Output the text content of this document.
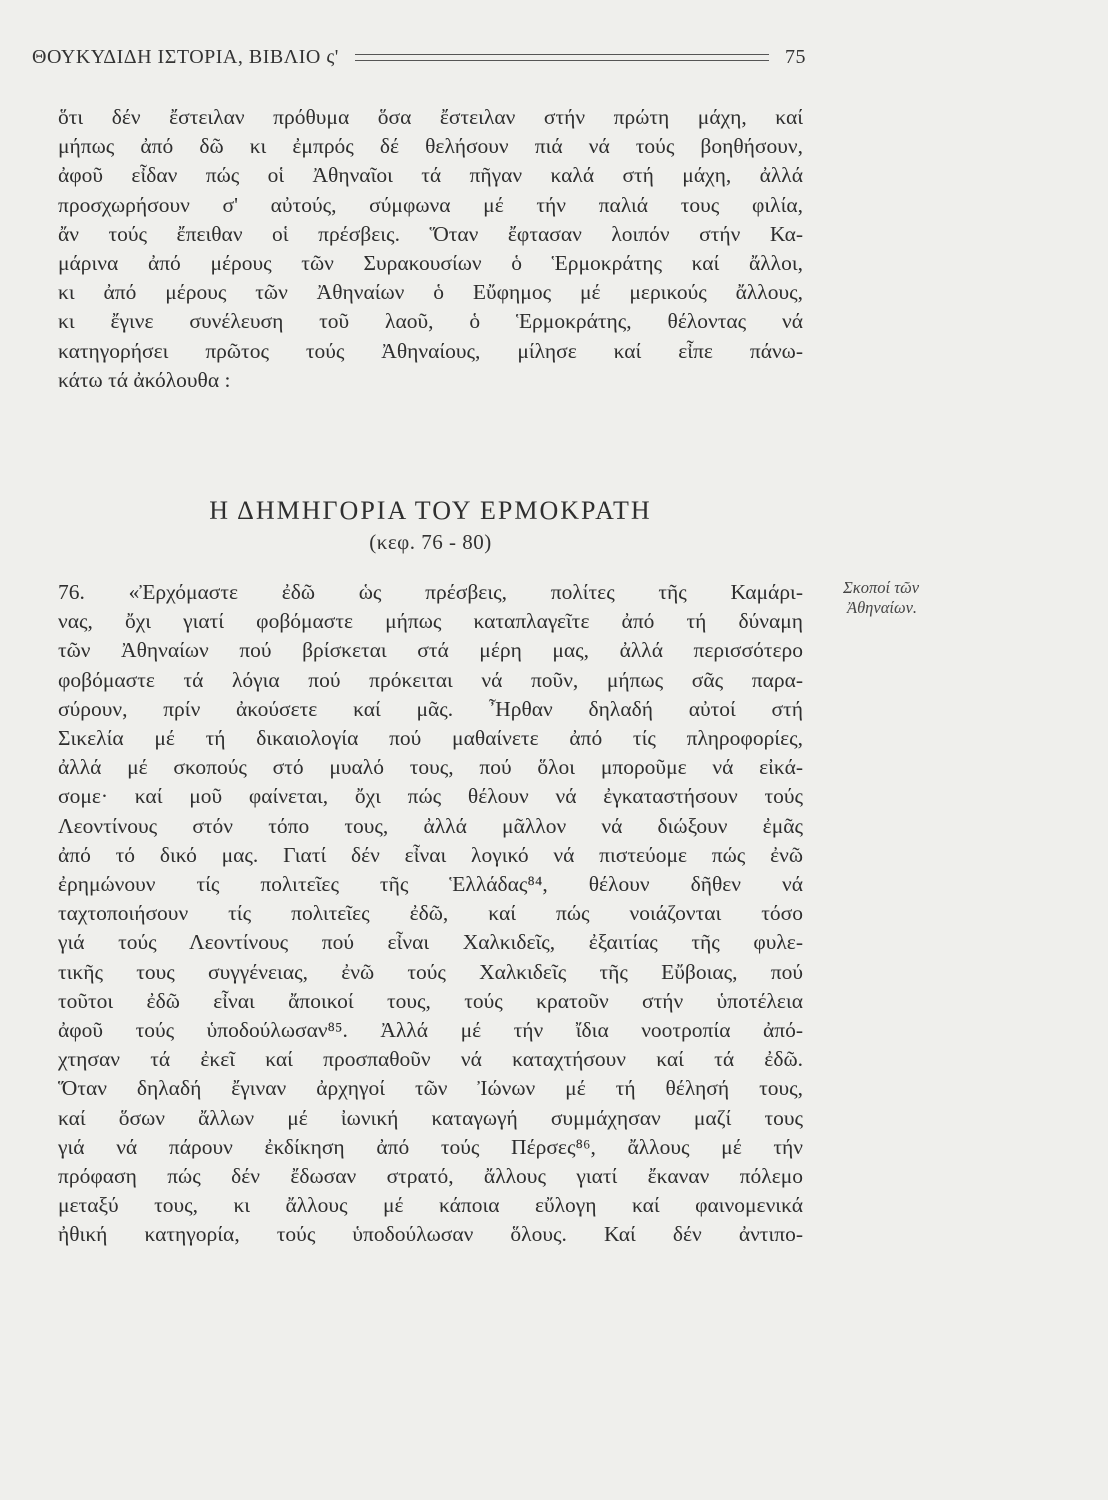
ΘΟΥΚΥΔΙΔΗ ΙΣΤΟΡΙΑ, ΒΙΒΛΙΟ ς'	75
ὅτι δέν ἔστειλαν πρόθυμα ὅσα ἔστειλαν στήν πρώτη μάχη, καί
μήπως ἀπό δῶ κι ἐμπρός δέ θελήσουν πιά νά τούς βοηθήσουν,
ἀφοῦ εἶδαν πώς οἱ Ἀθηναῖοι τά πῆγαν καλά στή μάχη, ἀλλά
προσχωρήσουν σ' αὐτούς, σύμφωνα μέ τήν παλιά τους φιλία,
ἄν τούς ἔπειθαν οἱ πρέσβεις. Ὅταν ἔφτασαν λοιπόν στήν Κα-
μάρινα ἀπό μέρους τῶν Συρακουσίων ὁ Ἑρμοκράτης καί ἄλλοι,
κι ἀπό μέρους τῶν Ἀθηναίων ὁ Εὔφημος μέ μερικούς ἄλλους,
κι ἔγινε συνέλευση τοῦ λαοῦ, ὁ Ἑρμοκράτης, θέλοντας νά
κατηγορήσει πρῶτος τούς Ἀθηναίους, μίλησε καί εἶπε πάνω-
κάτω τά ἀκόλουθα :
Η ΔΗΜΗΓΟΡΙΑ ΤΟΥ ΕΡΜΟΚΡΑΤΗ
(κεφ. 76 - 80)
76. «Ἐρχόμαστε ἐδῶ ὡς πρέσβεις, πολίτες τῆς Καμάρι-
νας, ὄχι γιατί φοβόμαστε μήπως καταπλαγεῖτε ἀπό τή δύναμη
τῶν Ἀθηναίων πού βρίσκεται στά μέρη μας, ἀλλά περισσότερο
φοβόμαστε τά λόγια πού πρόκειται νά ποῦν, μήπως σᾶς παρα-
σύρουν, πρίν ἀκούσετε καί μᾶς. Ἦρθαν δηλαδή αὐτοί στή
Σικελία μέ τή δικαιολογία πού μαθαίνετε ἀπό τίς πληροφορίες,
ἀλλά μέ σκοπούς στό μυαλό τους, πού ὅλοι μποροῦμε νά εἰκά-
σομε· καί μοῦ φαίνεται, ὄχι πώς θέλουν νά ἐγκαταστήσουν τούς
Λεοντίνους στόν τόπο τους, ἀλλά μᾶλλον νά διώξουν ἐμᾶς
ἀπό τό δικό μας. Γιατί δέν εἶναι λογικό νά πιστεύομε πώς ἐνῶ
ἐρημώνουν τίς πολιτεῖες τῆς Ἑλλάδας⁸⁴, θέλουν δῆθεν νά
ταχτοποιήσουν τίς πολιτεῖες ἐδῶ, καί πώς νοιάζονται τόσο
γιά τούς Λεοντίνους πού εἶναι Χαλκιδεῖς, ἐξαιτίας τῆς φυλε-
τικῆς τους συγγένειας, ἐνῶ τούς Χαλκιδεῖς τῆς Εὔβοιας, πού
τοῦτοι ἐδῶ εἶναι ἄποικοί τους, τούς κρατοῦν στήν ὑποτέλεια
ἀφοῦ τούς ὑποδούλωσαν⁸⁵. Ἀλλά μέ τήν ἴδια νοοτροπία ἀπό-
χτησαν τά ἐκεῖ καί προσπαθοῦν νά καταχτήσουν καί τά ἐδῶ.
Ὅταν δηλαδή ἔγιναν ἀρχηγοί τῶν Ἰώνων μέ τή θέλησή τους,
καί ὅσων ἄλλων μέ ἰωνική καταγωγή συμμάχησαν μαζί τους
γιά νά πάρουν ἐκδίκηση ἀπό τούς Πέρσες⁸⁶, ἄλλους μέ τήν
πρόφαση πώς δέν ἔδωσαν στρατό, ἄλλους γιατί ἔκαναν πόλεμο
μεταξύ τους, κι ἄλλους μέ κάποια εὔλογη καί φαινομενικά
ἠθική κατηγορία, τούς ὑποδούλωσαν ὅλους. Καί δέν ἀντιπο-
Σκοποί τῶν
Ἀθηναίων.
